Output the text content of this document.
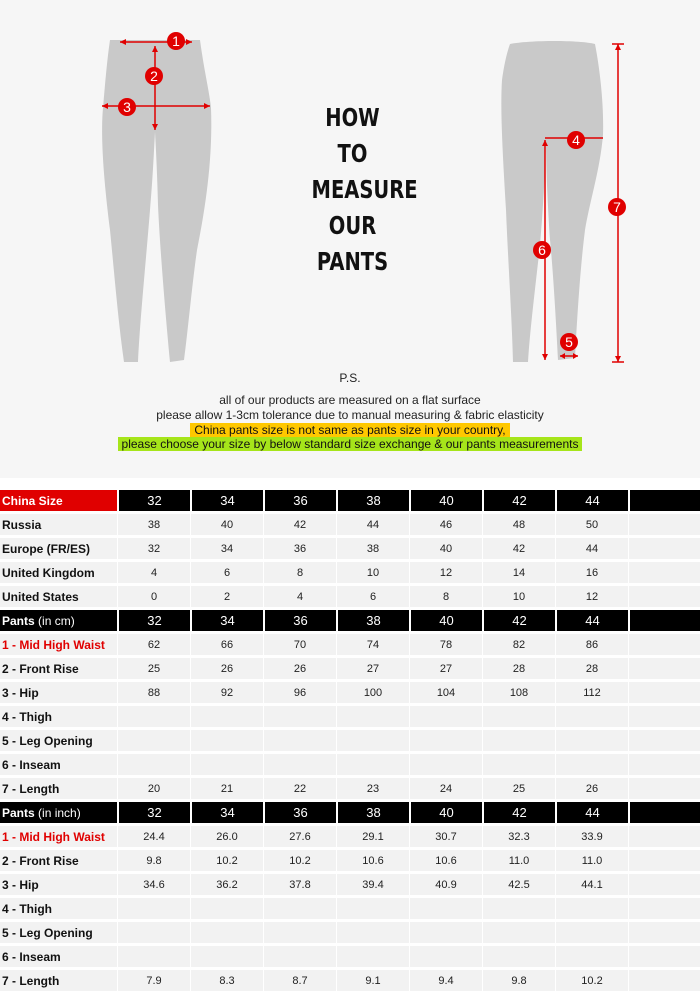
1
2
3
4
5
6
7
HOW
TO
MEASURE
OUR
PANTS
P.S.
all of our products are measured on a flat surface
please allow 1-3cm tolerance due to manual measuring & fabric elasticity
China pants size is not same as pants size in your country,
please choose your size by below standard size exchange & our pants measurements
China Size	32	34	36	38	40	42	44	
Russia	38	40	42	44	46	48	50	
Europe (FR/ES)	32	34	36	38	40	42	44	
United Kingdom	4	6	8	10	12	14	16	
United States	0	2	4	6	8	10	12	
Pants (in cm)	32	34	36	38	40	42	44	
1 - Mid High Waist	62	66	70	74	78	82	86	
2 - Front Rise	25	26	26	27	27	28	28	
3 - Hip	88	92	96	100	104	108	112	
4 - Thigh								
5 - Leg Opening								
6 - Inseam								
7 - Length	20	21	22	23	24	25	26	
Pants (in inch)	32	34	36	38	40	42	44	
1 - Mid High Waist	24.4	26.0	27.6	29.1	30.7	32.3	33.9	
2 - Front Rise	9.8	10.2	10.2	10.6	10.6	11.0	11.0	
3 - Hip	34.6	36.2	37.8	39.4	40.9	42.5	44.1	
4 - Thigh								
5 - Leg Opening								
6 - Inseam								
7 - Length	7.9	8.3	8.7	9.1	9.4	9.8	10.2	
